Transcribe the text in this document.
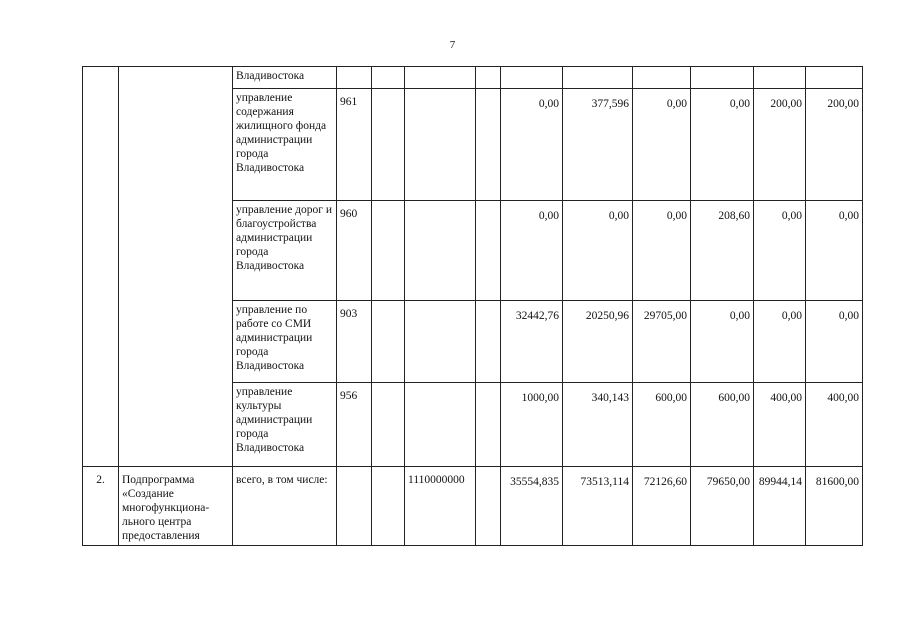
7
		Владивостока										
		управление содержания жилищного фонда администрации города Владивостока	961				0,00	377,596	0,00	0,00	200,00	200,00
		управление дорог и благоустройства администрации города Владивостока	960				0,00	0,00	0,00	208,60	0,00	0,00
		управление по работе со СМИ администрации города Владивостока	903				32442,76	20250,96	29705,00	0,00	0,00	0,00
		управление культуры администрации города Владивостока	956				1000,00	340,143	600,00	600,00	400,00	400,00
2.	Подпрограмма «Создание многофункциона-льного центра предоставления	всего, в том числе:			1110000000		35554,835	73513,114	72126,60	79650,00	89944,14	81600,00
